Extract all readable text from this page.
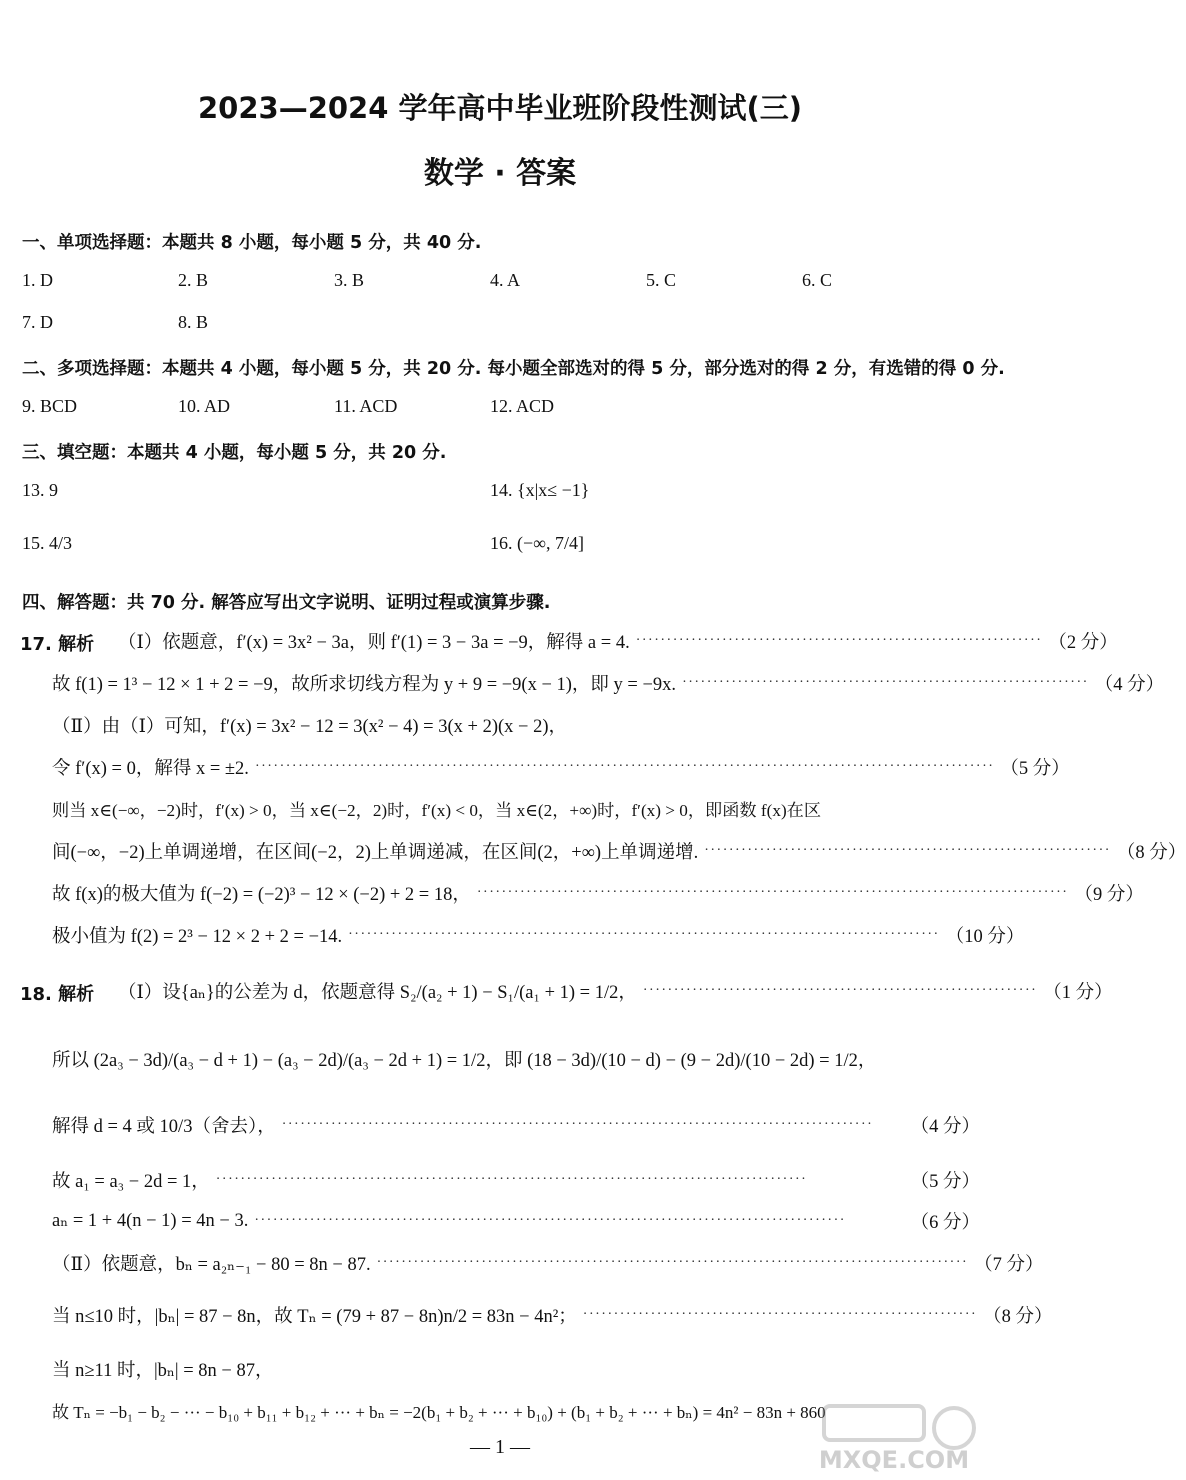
2023—2024 学年高中毕业班阶段性测试(三)
数学 · 答案
一、单项选择题：本题共 8 小题，每小题 5 分，共 40 分.
1. D	2. B	3. B	4. A	5. C	6. C
7. D	8. B
二、多项选择题：本题共 4 小题，每小题 5 分，共 20 分. 每小题全部选对的得 5 分，部分选对的得 2 分，有选错的得 0 分.
9. BCD	10. AD	11. ACD	12. ACD
三、填空题：本题共 4 小题，每小题 5 分，共 20 分.
13. 9	14. {x|x≤ −1}
15. 4/3	16. (−∞, 7/4]
四、解答题：共 70 分. 解答应写出文字说明、证明过程或演算步骤.
17. 解析 （Ⅰ）依题意，f′(x) = 3x² − 3a，则 f′(1) = 3 − 3a = −9，解得 a = 4. ·································································· （2 分）
故 f(1) = 1³ − 12 × 1 + 2 = −9，故所求切线方程为 y + 9 = −9(x − 1)，即 y = −9x. ·································································· （4 分）
（Ⅱ）由（Ⅰ）可知，f′(x) = 3x² − 12 = 3(x² − 4) = 3(x + 2)(x − 2)，
令 f′(x) = 0，解得 x = ±2. ························································································································ （5 分）
则当 x∈(−∞，−2)时，f′(x) > 0，当 x∈(−2，2)时，f′(x) < 0，当 x∈(2，+∞)时，f′(x) > 0，即函数 f(x)在区
间(−∞，−2)上单调递增，在区间(−2，2)上单调递减，在区间(2，+∞)上单调递增. ·································································· （8 分）
故 f(x)的极大值为 f(−2) = (−2)³ − 12 × (−2) + 2 = 18， ································································································ （9 分）
极小值为 f(2) = 2³ − 12 × 2 + 2 = −14. ································································································ （10 分）
18. 解析 （Ⅰ）设{aₙ}的公差为 d，依题意得 S₂/(a₂ + 1) − S₁/(a₁ + 1) = 1/2， ································································ （1 分）
所以 (2a₃ − 3d)/(a₃ − d + 1) − (a₃ − 2d)/(a₃ − 2d + 1) = 1/2，即 (18 − 3d)/(10 − d) − (9 − 2d)/(10 − 2d) = 1/2，
解得 d = 4 或 10/3（舍去）， ································································································	（4 分）
故 a₁ = a₃ − 2d = 1， ································································································	（5 分）
aₙ = 1 + 4(n − 1) = 4n − 3. ································································································	（6 分）
（Ⅱ）依题意，bₙ = a₂ₙ₋₁ − 80 = 8n − 87. ································································································ （7 分）
当 n≤10 时，|bₙ| = 87 − 8n，故 Tₙ = (79 + 87 − 8n)n/2 = 83n − 4n²； ································································ （8 分）
当 n≥11 时，|bₙ| = 8n − 87，
故 Tₙ = −b₁ − b₂ − ··· − b₁₀ + b₁₁ + b₁₂ + ··· + bₙ = −2(b₁ + b₂ + ··· + b₁₀) + (b₁ + b₂ + ··· + bₙ) = 4n² − 83n + 860
— 1 —	MXQE.COM
